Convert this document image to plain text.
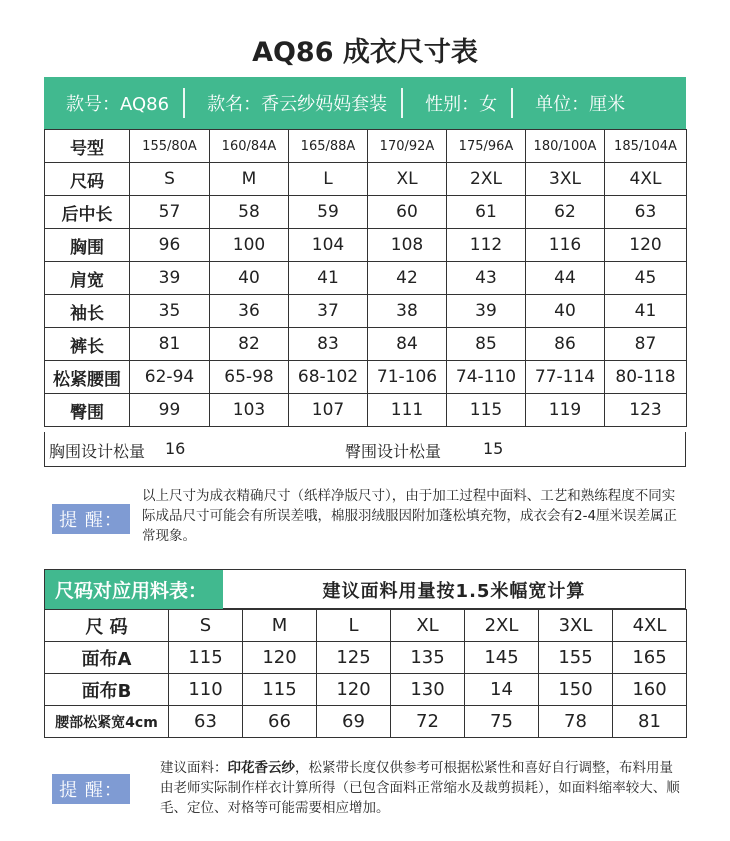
AQ86 成衣尺寸表
款号：AQ86	款名：香云纱妈妈套装	性别：女	单位：厘米
号型	155/80A	160/84A	165/88A	170/92A	175/96A	180/100A	185/104A
尺码	S	M	L	XL	2XL	3XL	4XL
后中长	57	58	59	60	61	62	63
胸围	96	100	104	108	112	116	120
肩宽	39	40	41	42	43	44	45
袖长	35	36	37	38	39	40	41
裤长	81	82	83	84	85	86	87
松紧腰围	62-94	65-98	68-102	71-106	74-110	77-114	80-118
臀围	99	103	107	111	115	119	123
胸围设计松量 16	臀围设计松量	15
提 醒：
以上尺寸为成衣精确尺寸（纸样净版尺寸），由于加工过程中面料、工艺和熟练程度不同实际成品尺寸可能会有所误差哦，棉服羽绒服因附加蓬松填充物，成衣会有2-4厘米误差属正常现象。
尺码对应用料表：	建议面料用量按1.5米幅宽计算
尺 码	S	M	L	XL	2XL	3XL	4XL
面布A	115	120	125	135	145	155	165
面布B	110	115	120	130	14	150	160
腰部松紧宽4cm	63	66	69	72	75	78	81
提 醒：
建议面料：印花香云纱，松紧带长度仅供参考可根据松紧性和喜好自行调整，布料用量由老师实际制作样衣计算所得（已包含面料正常缩水及裁剪损耗），如面料缩率较大、顺毛、定位、对格等可能需要相应增加。
